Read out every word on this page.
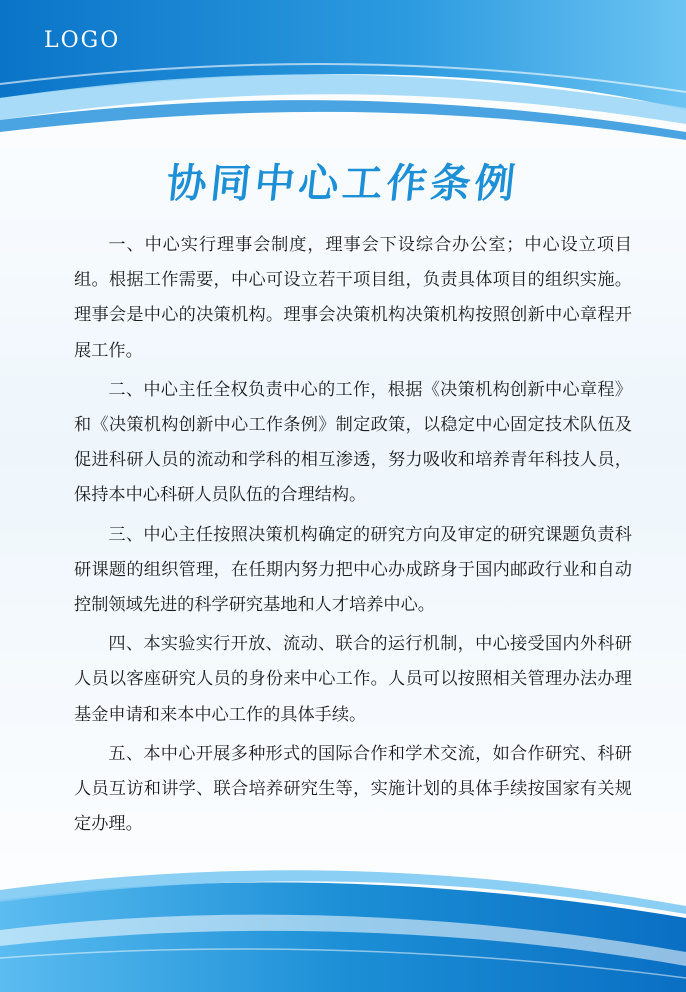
LOGO
协同中心工作条例

一、中心实行理事会制度，理事会下设综合办公室；中心设立项目组。根据工作需要，中心可设立若干项目组，负责具体项目的组织实施。理事会是中心的决策机构。理事会决策机构决策机构按照创新中心章程开展工作。

二、中心主任全权负责中心的工作，根据《决策机构创新中心章程》和《决策机构创新中心工作条例》制定政策，以稳定中心固定技术队伍及促进科研人员的流动和学科的相互渗透，努力吸收和培养青年科技人员，保持本中心科研人员队伍的合理结构。

三、中心主任按照决策机构确定的研究方向及审定的研究课题负责科研课题的组织管理，在任期内努力把中心办成跻身于国内邮政行业和自动控制领域先进的科学研究基地和人才培养中心。

四、本实验实行开放、流动、联合的运行机制，中心接受国内外科研人员以客座研究人员的身份来中心工作。人员可以按照相关管理办法办理基金申请和来本中心工作的具体手续。

五、本中心开展多种形式的国际合作和学术交流，如合作研究、科研人员互访和讲学、联合培养研究生等，实施计划的具体手续按国家有关规定办理。
